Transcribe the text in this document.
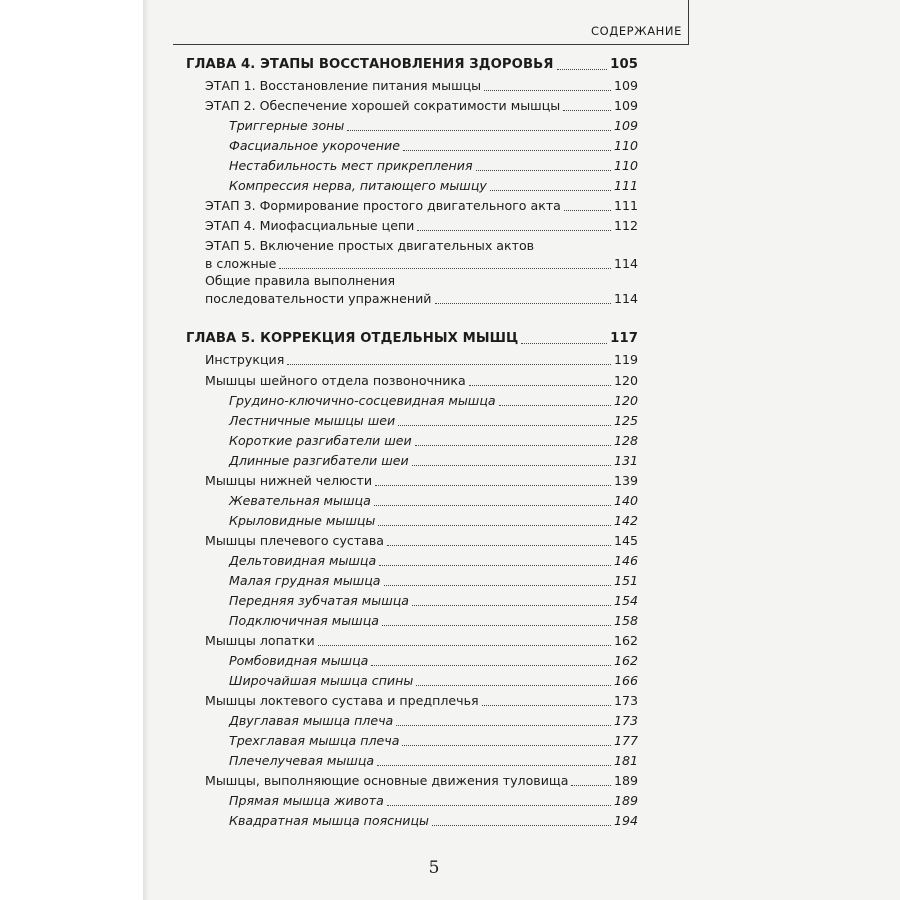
СОДЕРЖАНИЕ
ГЛАВА 4. ЭТАПЫ ВОССТАНОВЛЕНИЯ ЗДОРОВЬЯ	105
ЭТАП 1. Восстановление питания мышцы	109
ЭТАП 2. Обеспечение хорошей сократимости мышцы	109
Триггерные зоны	109
Фасциальное укорочение	110
Нестабильность мест прикрепления	110
Компрессия нерва, питающего мышцу	111
ЭТАП 3. Формирование простого двигательного акта	111
ЭТАП 4. Миофасциальные цепи	112
ЭТАП 5. Включение простых двигательных актов
в сложные	114
Общие правила выполнения
последовательности упражнений	114
ГЛАВА 5. КОРРЕКЦИЯ ОТДЕЛЬНЫХ МЫШЦ	117
Инструкция	119
Мышцы шейного отдела позвоночника	120
Грудино-ключично-сосцевидная мышца	120
Лестничные мышцы шеи	125
Короткие разгибатели шеи	128
Длинные разгибатели шеи	131
Мышцы нижней челюсти	139
Жевательная мышца	140
Крыловидные мышцы	142
Мышцы плечевого сустава	145
Дельтовидная мышца	146
Малая грудная мышца	151
Передняя зубчатая мышца	154
Подключичная мышца	158
Мышцы лопатки	162
Ромбовидная мышца	162
Широчайшая мышца спины	166
Мышцы локтевого сустава и предплечья	173
Двуглавая мышца плеча	173
Трехглавая мышца плеча	177
Плечелучевая мышца	181
Мышцы, выполняющие основные движения туловища	189
Прямая мышца живота	189
Квадратная мышца поясницы	194
5
